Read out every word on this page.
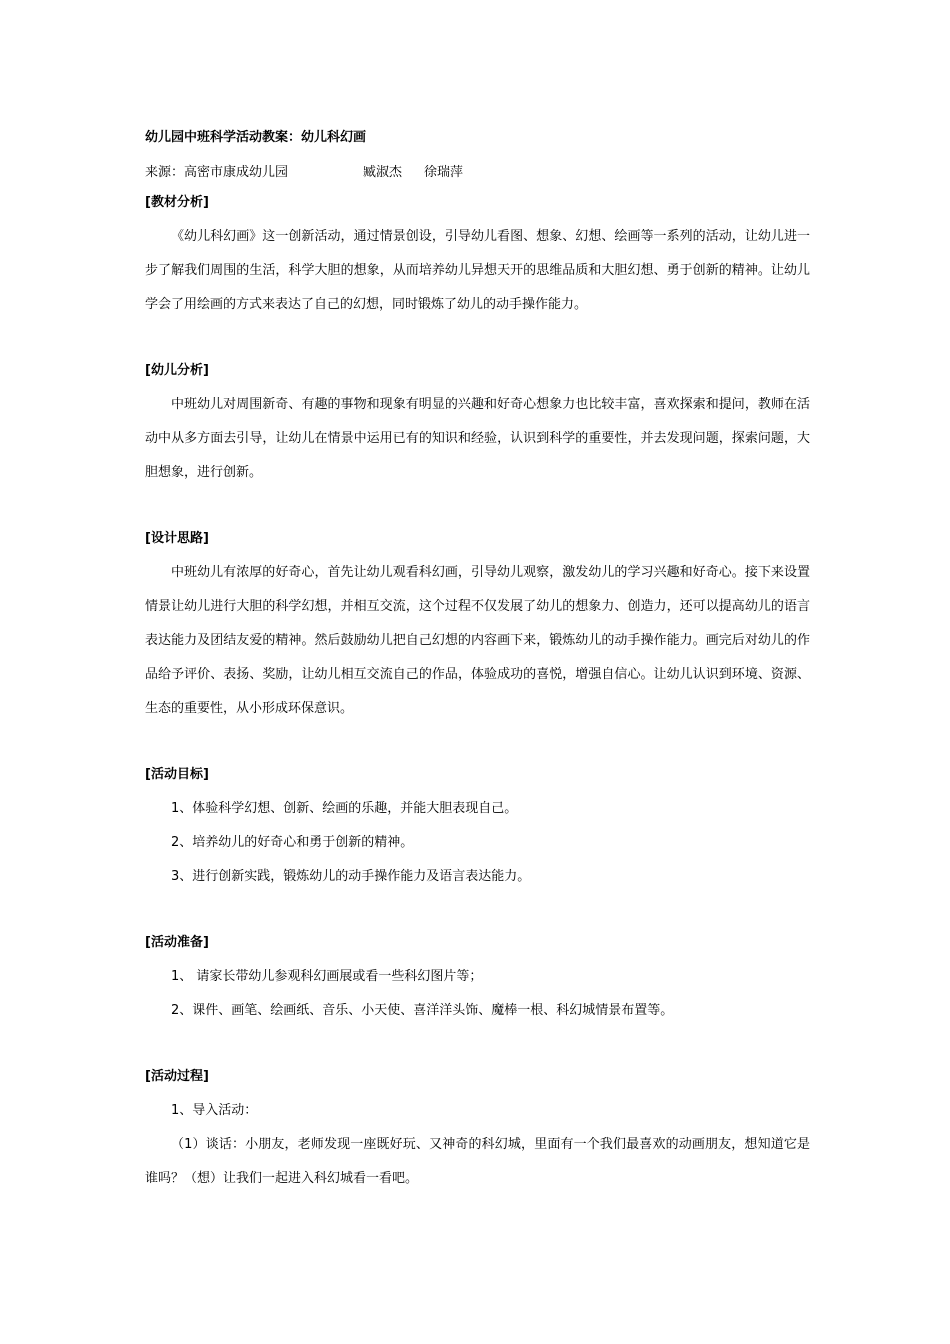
幼儿园中班科学活动教案：幼儿科幻画

来源：高密市康成幼儿园	臧淑杰 徐瑞萍

[教材分析]

《幼儿科幻画》这一创新活动，通过情景创设，引导幼儿看图、想象、幻想、绘画等一系列的活动，让幼儿进一步了解我们周围的生活，科学大胆的想象，从而培养幼儿异想天开的思维品质和大胆幻想、勇于创新的精神。让幼儿学会了用绘画的方式来表达了自己的幻想，同时锻炼了幼儿的动手操作能力。

[幼儿分析]

中班幼儿对周围新奇、有趣的事物和现象有明显的兴趣和好奇心想象力也比较丰富，喜欢探索和提问，教师在活动中从多方面去引导，让幼儿在情景中运用已有的知识和经验，认识到科学的重要性，并去发现问题，探索问题，大胆想象，进行创新。

[设计思路]

中班幼儿有浓厚的好奇心，首先让幼儿观看科幻画，引导幼儿观察，激发幼儿的学习兴趣和好奇心。接下来设置情景让幼儿进行大胆的科学幻想，并相互交流，这个过程不仅发展了幼儿的想象力、创造力，还可以提高幼儿的语言表达能力及团结友爱的精神。然后鼓励幼儿把自己幻想的内容画下来，锻炼幼儿的动手操作能力。画完后对幼儿的作品给予评价、表扬、奖励，让幼儿相互交流自己的作品，体验成功的喜悦，增强自信心。让幼儿认识到环境、资源、生态的重要性，从小形成环保意识。

[活动目标]

1、体验科学幻想、创新、绘画的乐趣，并能大胆表现自己。

2、培养幼儿的好奇心和勇于创新的精神。

3、进行创新实践，锻炼幼儿的动手操作能力及语言表达能力。

[活动准备]

1、 请家长带幼儿参观科幻画展或看一些科幻图片等；

2、课件、画笔、绘画纸、音乐、小天使、喜洋洋头饰、魔棒一根、科幻城情景布置等。

[活动过程]

1、导入活动：

（1）谈话：小朋友，老师发现一座既好玩、又神奇的科幻城，里面有一个我们最喜欢的动画朋友，想知道它是谁吗？（想）让我们一起进入科幻城看一看吧。
